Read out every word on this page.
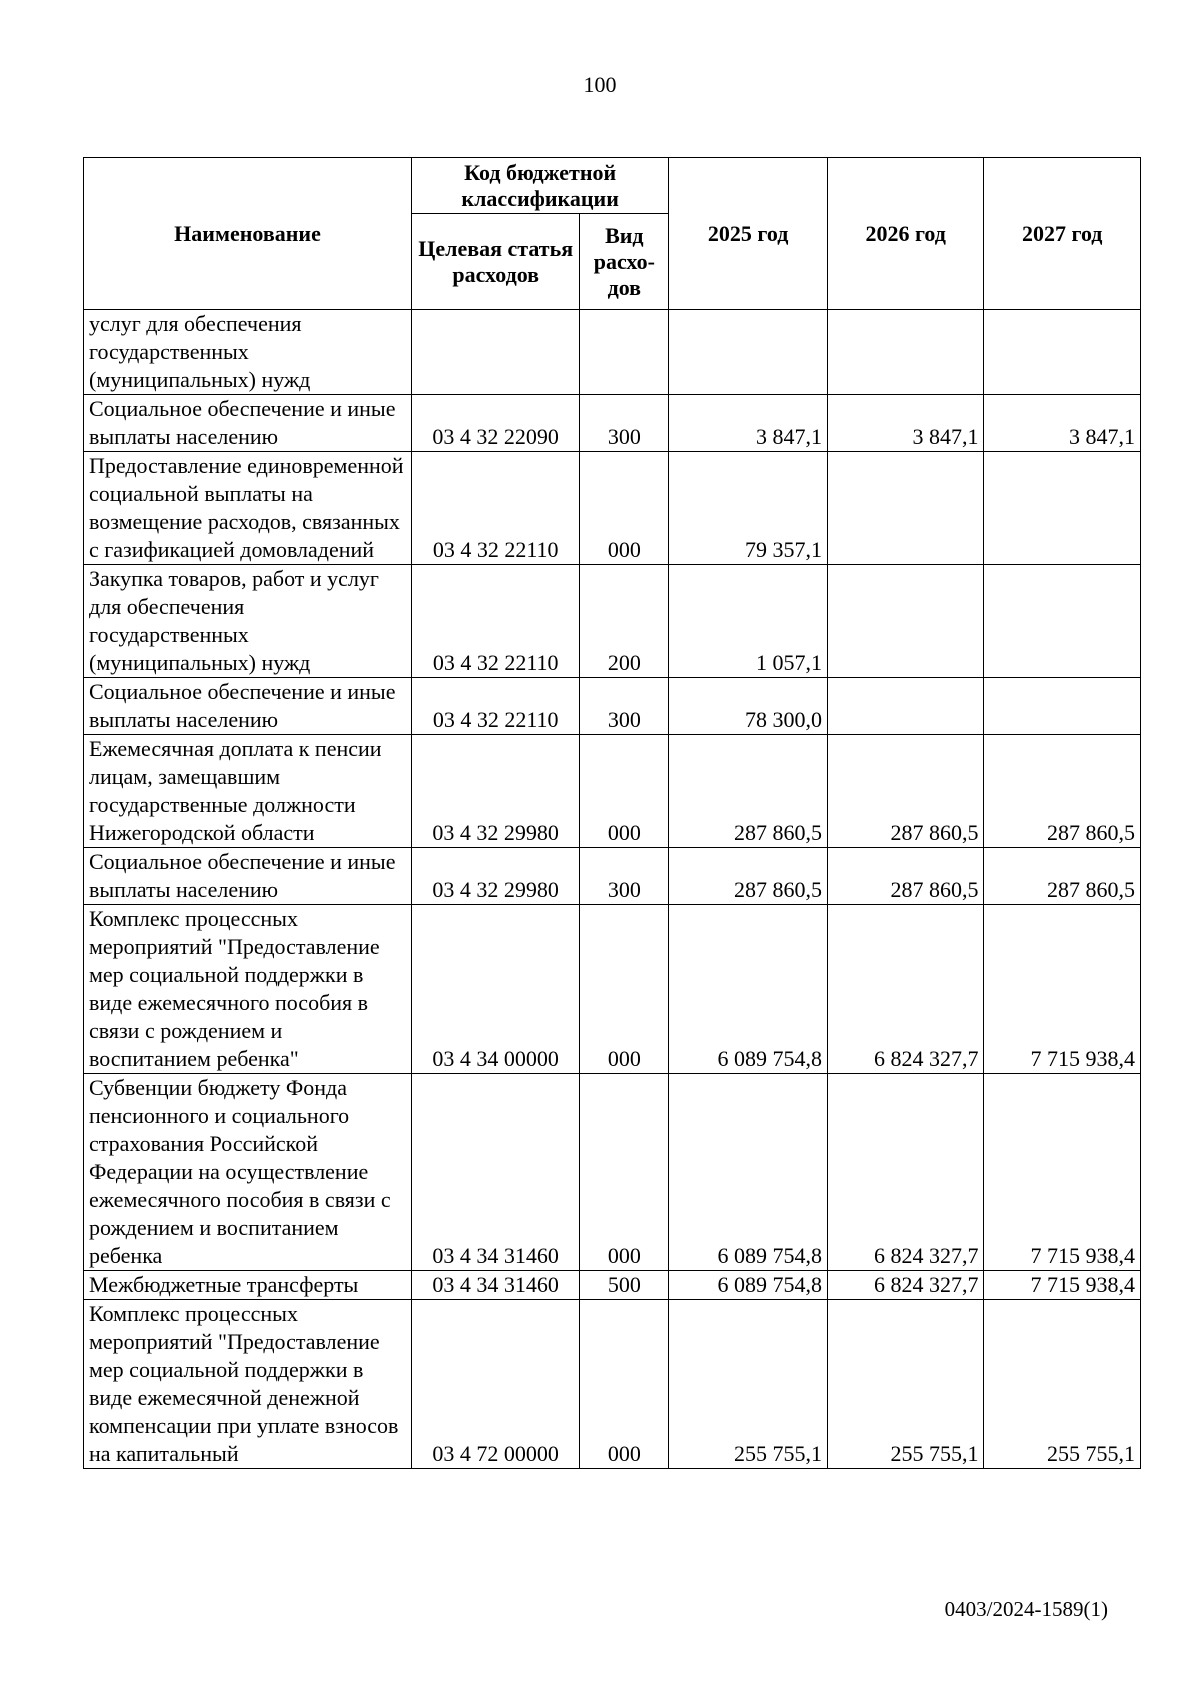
100
Наименование	Код бюджетной классификации		2025 год	2026 год	2027 год
	Целевая статья расходов	Вид расхо-дов			
услуг для обеспечения государственных (муниципальных) нужд					
Социальное обеспечение и иные выплаты населению	03 4 32 22090	300	3 847,1	3 847,1	3 847,1
Предоставление единовременной социальной выплаты на возмещение расходов, связанных с газификацией домовладений	03 4 32 22110	000	79 357,1		
Закупка товаров, работ и услуг для обеспечения государственных (муниципальных) нужд	03 4 32 22110	200	1 057,1		
Социальное обеспечение и иные выплаты населению	03 4 32 22110	300	78 300,0		
Ежемесячная доплата к пенсии лицам, замещавшим государственные должности Нижегородской области	03 4 32 29980	000	287 860,5	287 860,5	287 860,5
Социальное обеспечение и иные выплаты населению	03 4 32 29980	300	287 860,5	287 860,5	287 860,5
Комплекс процессных мероприятий "Предоставление мер социальной поддержки в виде ежемесячного пособия в связи с рождением и воспитанием ребенка"	03 4 34 00000	000	6 089 754,8	6 824 327,7	7 715 938,4
Субвенции бюджету Фонда пенсионного и социального страхования Российской Федерации на осуществление ежемесячного пособия в связи с рождением и воспитанием ребенка	03 4 34 31460	000	6 089 754,8	6 824 327,7	7 715 938,4
Межбюджетные трансферты	03 4 34 31460	500	6 089 754,8	6 824 327,7	7 715 938,4
Комплекс процессных мероприятий "Предоставление мер социальной поддержки в виде ежемесячной денежной компенсации при уплате взносов на капитальный	03 4 72 00000	000	255 755,1	255 755,1	255 755,1
0403/2024-1589(1)
